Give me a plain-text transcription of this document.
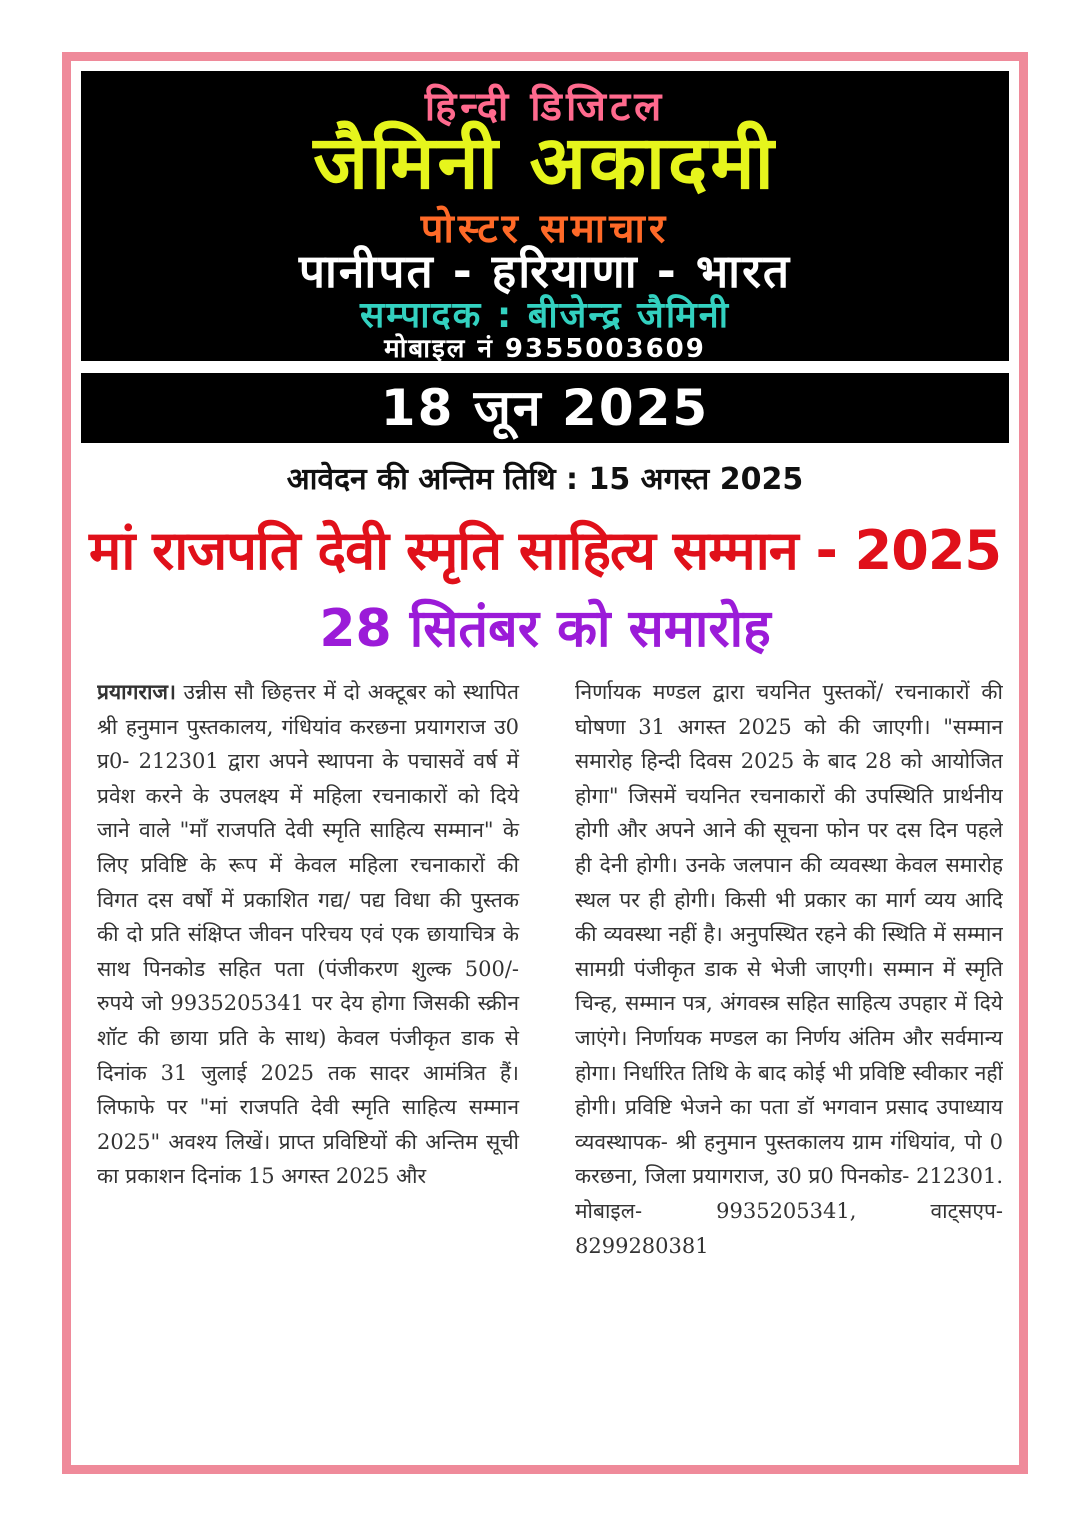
हिन्दी डिजिटल
जैमिनी अकादमी
पोस्टर समाचार
पानीपत - हरियाणा - भारत
सम्पादक : बीजेन्द्र जैमिनी
मोबाइल नं 9355003609
18 जून 2025
आवेदन की अन्तिम तिथि : 15 अगस्त 2025
मां राजपति देवी स्मृति साहित्य सम्मान - 2025
28 सितंबर को समारोह
प्रयागराज। उन्नीस सौ छिहत्तर में दो अक्टूबर को स्थापित श्री हनुमान पुस्तकालय, गंधियांव करछना प्रयागराज उ0 प्र0- 212301 द्वारा अपने स्थापना के पचासवें वर्ष में प्रवेश करने के उपलक्ष्य में महिला रचनाकारों को दिये जाने वाले "माँ राजपति देवी स्मृति साहित्य सम्मान" के लिए प्रविष्टि के रूप में केवल महिला रचनाकारों की विगत दस वर्षों में प्रकाशित गद्य/ पद्य विधा की पुस्तक की दो प्रति संक्षिप्त जीवन परिचय एवं एक छायाचित्र के साथ पिनकोड सहित पता (पंजीकरण शुल्क 500/- रुपये जो 9935205341 पर देय होगा जिसकी स्क्रीन शॉट की छाया प्रति के साथ) केवल पंजीकृत डाक से दिनांक 31 जुलाई 2025 तक सादर आमंत्रित हैं।लिफाफे पर "मां राजपति देवी स्मृति साहित्य सम्मान 2025" अवश्य लिखें। प्राप्त प्रविष्टियों की अन्तिम सूची का प्रकाशन दिनांक 15 अगस्त 2025 और
निर्णायक मण्डल द्वारा चयनित पुस्तकों/ रचनाकारों की घोषणा 31 अगस्त 2025 को की जाएगी। "सम्मान समारोह हिन्दी दिवस 2025 के बाद 28 को आयोजित होगा" जिसमें चयनित रचनाकारों की उपस्थिति प्रार्थनीय होगी और अपने आने की सूचना फोन पर दस दिन पहले ही देनी होगी। उनके जलपान की व्यवस्था केवल समारोह स्थल पर ही होगी। किसी भी प्रकार का मार्ग व्यय आदि की व्यवस्था नहीं है। अनुपस्थित रहने की स्थिति में सम्मान सामग्री पंजीकृत डाक से भेजी जाएगी। सम्मान में स्मृति चिन्ह, सम्मान पत्र, अंगवस्त्र सहित साहित्य उपहार में दिये जाएंगे। निर्णायक मण्डल का निर्णय अंतिम और सर्वमान्य होगा। निर्धारित तिथि के बाद कोई भी प्रविष्टि स्वीकार नहीं होगी। प्रविष्टि भेजने का पता डॉ भगवान प्रसाद उपाध्याय व्यवस्थापक- श्री हनुमान पुस्तकालय ग्राम गंधियांव, पो 0 करछना, जिला प्रयागराज, उ0 प्र0 पिनकोड- 212301. मोबाइल- 9935205341, वाट्सएप- 8299280381
